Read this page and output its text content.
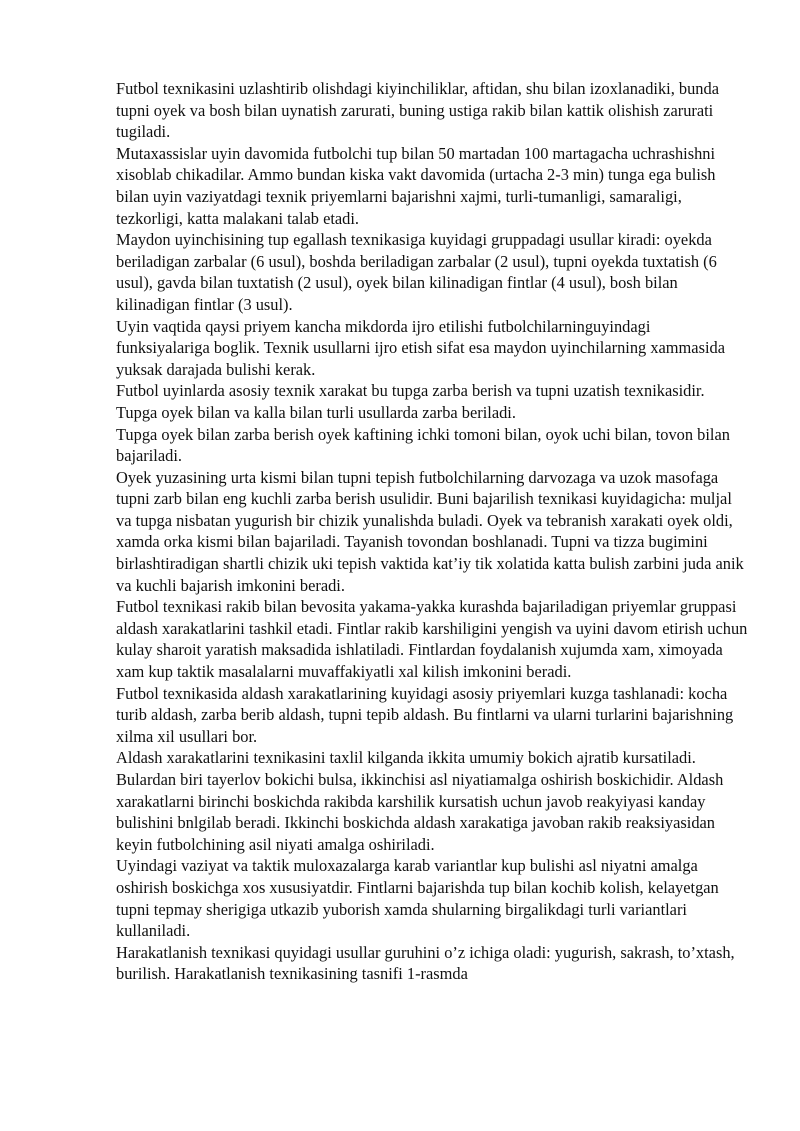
Futbol texnikasini uzlashtirib olishdagi kiyinchiliklar, aftidan, shu bilan izoxlanadiki, bunda tupni oyek va bosh bilan uynatish zarurati, buning ustiga rakib bilan kattik olishish zarurati tugiladi.

Mutaxassislar uyin davomida futbolchi tup bilan 50 martadan 100 martagacha uchrashishni xisoblab chikadilar. Ammo bundan kiska vakt davomida (urtacha 2-3 min) tunga ega bulish bilan uyin vaziyatdagi texnik priyemlarni bajarishni xajmi, turli-tumanligi, samaraligi, tezkorligi, katta malakani talab etadi.

Maydon uyinchisining tup egallash texnikasiga kuyidagi gruppadagi usullar kiradi: oyekda beriladigan zarbalar (6 usul), boshda beriladigan zarbalar (2 usul), tupni oyekda tuxtatish (6 usul), gavda bilan tuxtatish (2 usul), oyek bilan kilinadigan fintlar (4 usul), bosh bilan kilinadigan fintlar (3 usul).

Uyin vaqtida qaysi priyem kancha mikdorda ijro etilishi futbolchilarninguyindagi funksiyalariga boglik. Texnik usullarni ijro etish sifat esa maydon uyinchilarning xammasida yuksak darajada bulishi kerak.

Futbol uyinlarda asosiy texnik xarakat bu tupga zarba berish va tupni uzatish texnikasidir. Tupga oyek bilan va kalla bilan turli usullarda zarba beriladi.

Tupga oyek bilan zarba berish oyek kaftining ichki tomoni bilan, oyok uchi bilan, tovon bilan bajariladi.

Oyek yuzasining urta kismi bilan tupni tepish futbolchilarning darvozaga va uzok masofaga tupni zarb bilan eng kuchli zarba berish usulidir. Buni bajarilish texnikasi kuyidagicha: muljal va tupga nisbatan yugurish bir chizik yunalishda buladi. Oyek va tebranish xarakati oyek oldi, xamda orka kismi bilan bajariladi. Tayanish tovondan boshlanadi. Tupni va tizza bugimini birlashtiradigan shartli chizik uki tepish vaktida kat’iy tik xolatida katta bulish zarbini juda anik va kuchli bajarish imkonini beradi.

Futbol texnikasi rakib bilan bevosita yakama-yakka kurashda bajariladigan priyemlar gruppasi aldash xarakatlarini tashkil etadi. Fintlar rakib karshiligini yengish va uyini davom etirish uchun kulay sharoit yaratish maksadida ishlatiladi. Fintlardan foydalanish xujumda xam, ximoyada xam kup taktik masalalarni muvaffakiyatli xal kilish imkonini beradi.

Futbol texnikasida aldash xarakatlarining kuyidagi asosiy priyemlari kuzga tashlanadi: kocha turib aldash, zarba berib aldash, tupni tepib aldash. Bu fintlarni va ularni turlarini bajarishning xilma xil usullari bor.

Aldash xarakatlarini texnikasini taxlil kilganda ikkita umumiy bokich ajratib kursatiladi. Bulardan biri tayerlov bokichi bulsa, ikkinchisi asl niyatiamalga oshirish boskichidir. Aldash xarakatlarni birinchi boskichda rakibda karshilik kursatish uchun javob reakyiyasi kanday bulishini bnlgilab beradi. Ikkinchi boskichda aldash xarakatiga javoban rakib reaksiyasidan keyin futbolchining asil niyati amalga oshiriladi.

Uyindagi vaziyat va taktik muloxazalarga karab variantlar kup bulishi asl niyatni amalga oshirish boskichga xos xususiyatdir. Fintlarni bajarishda tup bilan kochib kolish, kelayetgan tupni tepmay sherigiga utkazib yuborish xamda shularning birgalikdagi turli variantlari kullaniladi.

Harakatlanish texnikasi quyidagi usullar guruhini o’z ichiga oladi: yugurish, sakrash, to’xtash, burilish. Harakatlanish texnikasining tasnifi 1-rasmda
